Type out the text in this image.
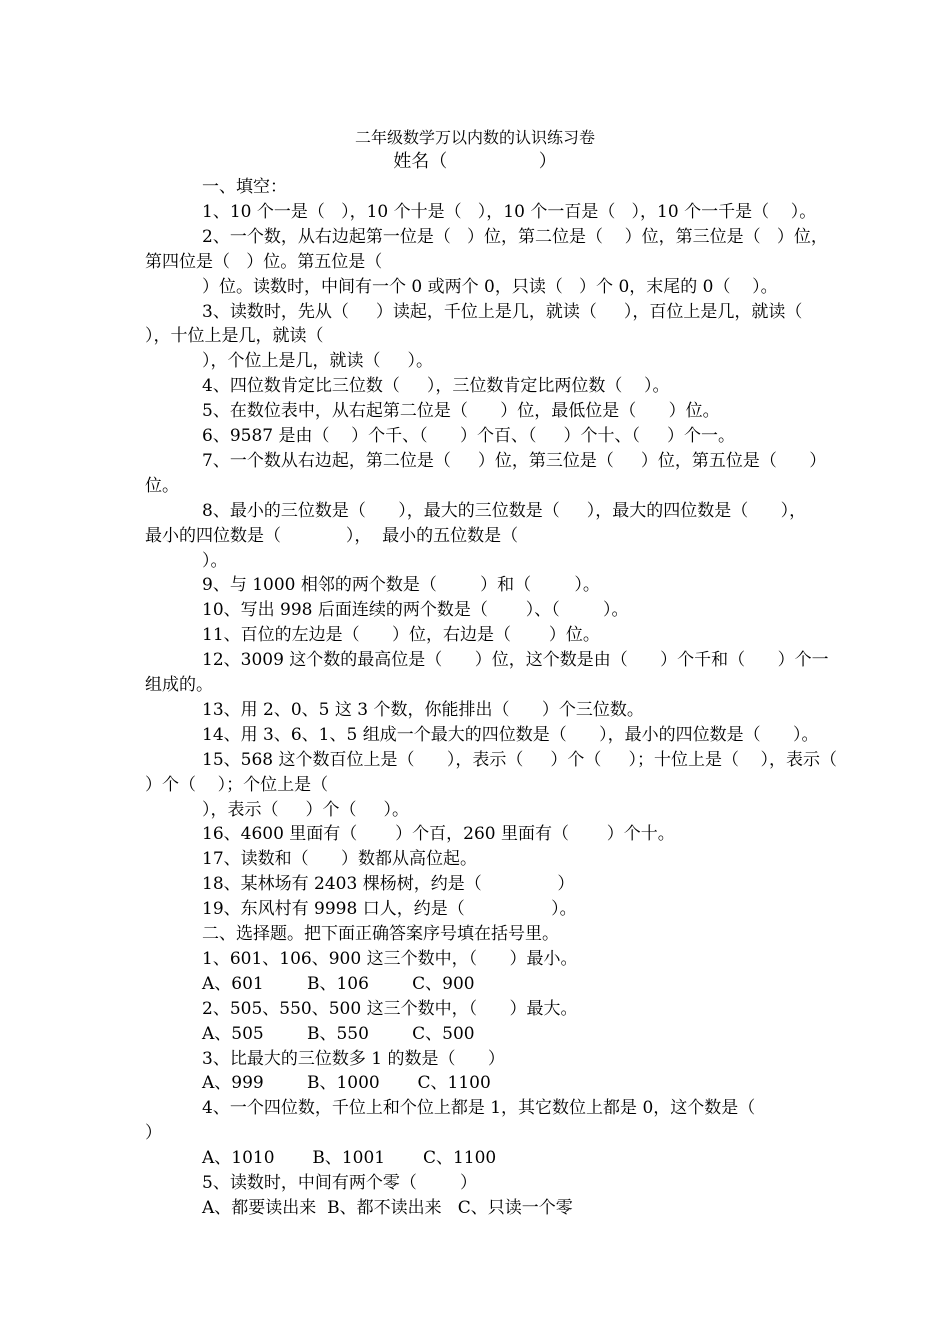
二年级数学万以内数的认识练习卷
姓名（                ）
一、填空：
1、10 个一是（   ），10 个十是（   ），10 个一百是（   ），10 个一千是（    ）。
2、一个数，从右边起第一位是（   ）位，第二位是（    ）位，第三位是（   ）位，
第四位是（   ）位。第五位是（
）位。读数时，中间有一个 0 或两个 0，只读（   ）个 0，末尾的 0（    ）。
3、读数时，先从（     ）读起，千位上是几，就读（     ），百位上是几，就读（
），十位上是几，就读（
），个位上是几，就读（     ）。
4、四位数肯定比三位数（     ），三位数肯定比两位数（    ）。
5、在数位表中，从右起第二位是（      ）位，最低位是（      ）位。
6、9587 是由（    ）个千、（      ）个百、（     ）个十、（     ）个一。
7、一个数从右边起，第二位是（     ）位，第三位是（     ）位，第五位是（      ）
位。
8、最小的三位数是（      ），最大的三位数是（     ），最大的四位数是（      ），
最小的四位数是（            ），  最小的五位数是（
）。
9、与 1000 相邻的两个数是（        ）和（        ）。
10、写出 998 后面连续的两个数是（       ）、（        ）。
11、百位的左边是（      ）位，右边是（       ）位。
12、3009 这个数的最高位是（      ）位，这个数是由（      ）个千和（      ）个一
组成的。
13、用 2、0、5 这 3 个数，你能排出（      ）个三位数。
14、用 3、6、1、5 组成一个最大的四位数是（      ），最小的四位数是（      ）。
15、568 这个数百位上是（      ），表示（     ）个（     ）；十位上是（    ），表示（
）个（    ）；个位上是（
），表示（     ）个（     ）。
16、4600 里面有（       ）个百，260 里面有（       ）个十。
17、读数和（      ）数都从高位起。
18、某林场有 2403 棵杨树，约是（              ）
19、东风村有 9998 口人，约是（                ）。
二、选择题。把下面正确答案序号填在括号里。
1、601、106、900 这三个数中，（      ）最小。
A、601        B、106        C、900
2、505、550、500 这三个数中，（      ）最大。
A、505        B、550        C、500
3、比最大的三位数多 1 的数是（      ）
A、999        B、1000       C、1100
4、一个四位数，千位上和个位上都是 1，其它数位上都是 0，这个数是（
）
A、1010       B、1001       C、1100
5、读数时，中间有两个零（        ）
A、都要读出来  B、都不读出来   C、只读一个零
